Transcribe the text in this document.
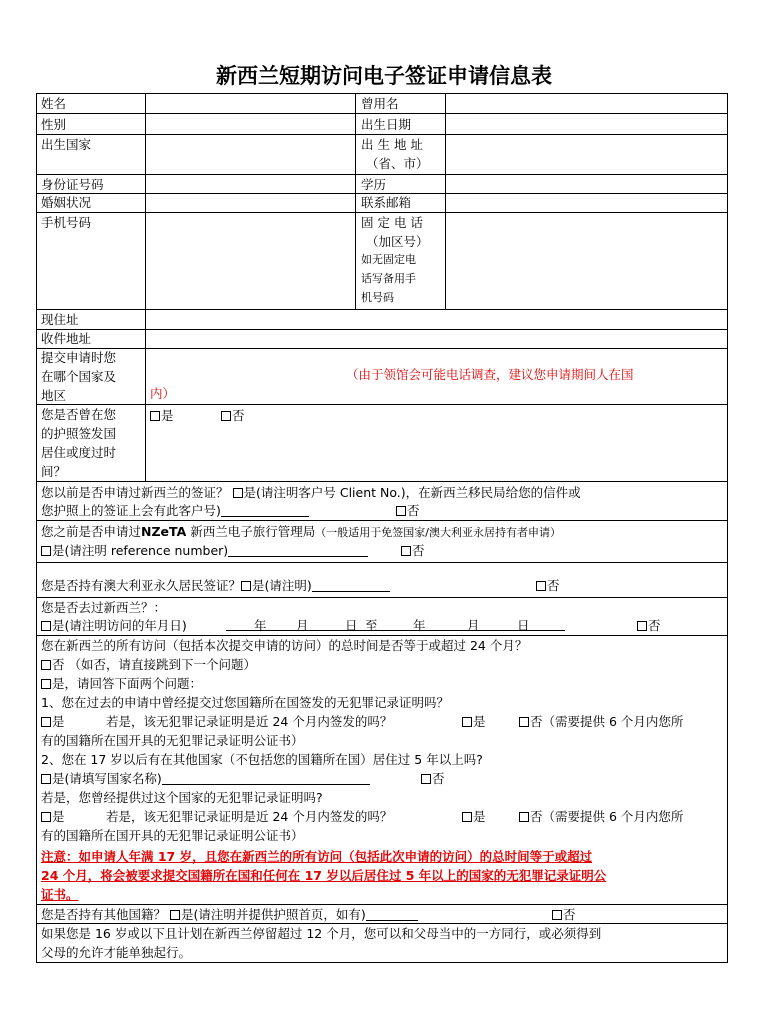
新西兰短期访问电子签证申请信息表
姓名	曾用名
性别	出生日期
出生国家	出 生 地 址
（省、市）
身份证号码	学历
婚姻状况	联系邮箱
手机号码	固 定 电 话
（加区号）
如无固定电
话写备用手
机号码
现住址
收件地址
提交申请时您
在哪个国家及
地区
（由于领馆会可能电话调查，建议您申请期间人在国
内）
您是否曾在您
的护照签发国
居住或度过时
间？
是	否
您以前是否申请过新西兰的签证？ 是(请注明客户号 Client No.)，在新西兰移民局给您的信件或
您护照上的签证上会有此客户号)	否
您之前是否申请过NZeTA 新西兰电子旅行管理局（一般适用于免签国家/澳大利亚永居持有者申请）
是(请注明 reference number)	否
您是否持有澳大利亚永久居民签证？ 是(请注明)	否
您是否去过新西兰？：
是(请注明访问的年月日)	年 月	日 至	年	月	日	否
您在新西兰的所有访问（包括本次提交申请的访问）的总时间是否等于或超过 24 个月？
否 （如否，请直接跳到下一个问题）
是，请回答下面两个问题：
1、您在过去的申请中曾经提交过您国籍所在国签发的无犯罪记录证明吗？
是	若是，该无犯罪记录证明是近 24 个月内签发的吗？	是	否（需要提供 6 个月内您所
有的国籍所在国开具的无犯罪记录证明公证书）
2、您在 17 岁以后有在其他国家（不包括您的国籍所在国）居住过 5 年以上吗?
是(请填写国家名称)	否
若是，您曾经提供过这个国家的无犯罪记录证明吗?
是	若是，该无犯罪记录证明是近 24 个月内签发的吗？	是	否（需要提供 6 个月内您所
有的国籍所在国开具的无犯罪记录证明公证书）
注意：如申请人年满 17 岁，且您在新西兰的所有访问（包括此次申请的访问）的总时间等于或超过
24 个月，将会被要求提交国籍所在国和任何在 17 岁以后居住过 5 年以上的国家的无犯罪记录证明公
证书。
您是否持有其他国籍？ 是(请注明并提供护照首页，如有)	否
如果您是 16 岁或以下且计划在新西兰停留超过 12 个月，您可以和父母当中的一方同行，或必须得到
父母的允许才能单独起行。
